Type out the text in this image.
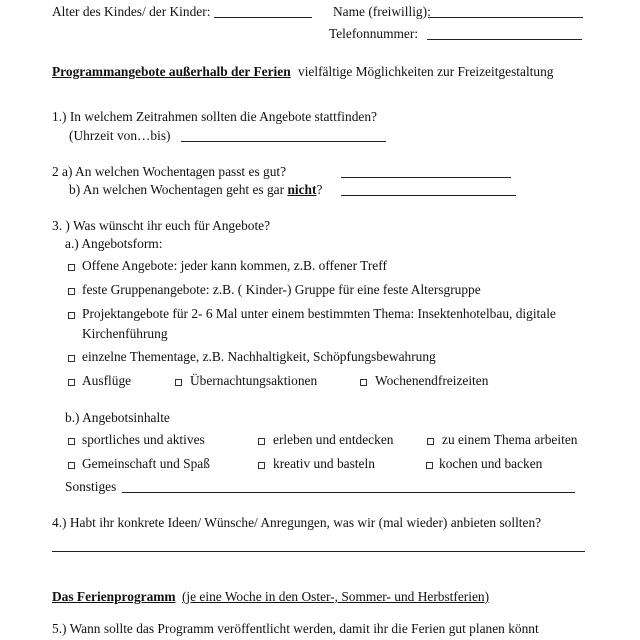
Alter des Kindes/ der Kinder:	Name (freiwillig):
Telefonnummer:
Programmangebote außerhalb der Ferien vielfältige Möglichkeiten zur Freizeitgestaltung
1.) In welchem Zeitrahmen sollten die Angebote stattfinden?
(Uhrzeit von…bis)
2 a) An welchen Wochentagen passt es gut?
b) An welchen Wochentagen geht es gar nicht?
3. ) Was wünscht ihr euch für Angebote?
a.) Angebotsform:
Offene Angebote: jeder kann kommen, z.B. offener Treff
feste Gruppenangebote: z.B. ( Kinder-) Gruppe für eine feste Altersgruppe
Projektangebote für 2- 6 Mal unter einem bestimmten Thema: Insektenhotelbau, digitale
Kirchenführung
einzelne Thementage, z.B. Nachhaltigkeit, Schöpfungsbewahrung
Ausflüge	Übernachtungsaktionen	Wochenendfreizeiten
b.) Angebotsinhalte
sportliches und aktives	erleben und entdecken	zu einem Thema arbeiten
Gemeinschaft und Spaß	kreativ und basteln	kochen und backen
Sonstiges
4.) Habt ihr konkrete Ideen/ Wünsche/ Anregungen, was wir (mal wieder) anbieten sollten?
Das Ferienprogramm (je eine Woche in den Oster-, Sommer- und Herbstferien)
5.) Wann sollte das Programm veröffentlicht werden, damit ihr die Ferien gut planen könnt
